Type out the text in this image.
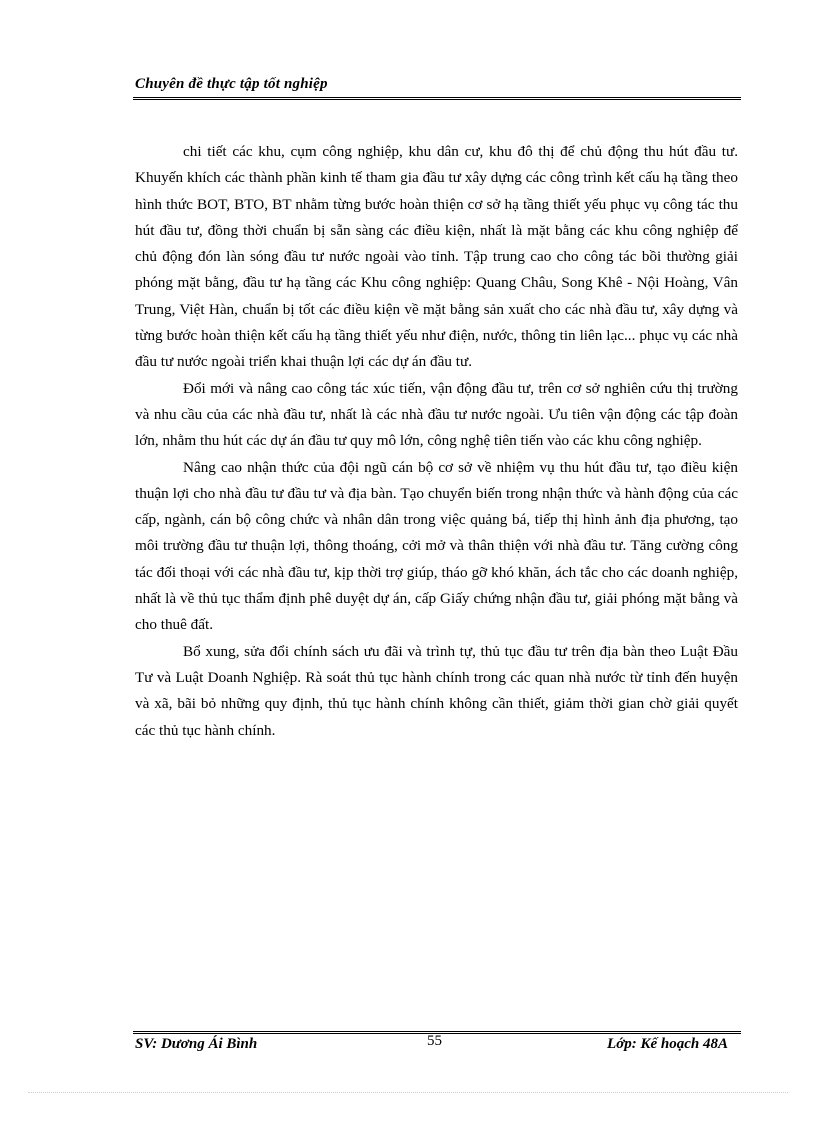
Chuyên đề thực tập tốt nghiệp

chi tiết các khu, cụm công nghiệp, khu dân cư, khu đô thị để chủ động thu hút đầu tư. Khuyến khích các thành phần kinh tế tham gia đầu tư xây dựng các công trình kết cấu hạ tầng theo hình thức BOT, BTO, BT nhằm từng bước hoàn thiện cơ sở hạ tầng thiết yếu phục vụ công tác thu hút đầu tư, đồng thời chuẩn bị sẵn sàng các điều kiện, nhất là mặt bằng các khu công nghiệp để chủ động đón làn sóng đầu tư nước ngoài vào tỉnh. Tập trung cao cho công tác bồi thường giải phóng mặt bằng, đầu tư hạ tầng các Khu công nghiệp: Quang Châu, Song Khê - Nội Hoàng, Vân Trung, Việt Hàn, chuẩn bị tốt các điều kiện về mặt bằng sản xuất cho các nhà đầu tư, xây dựng và từng bước hoàn thiện kết cấu hạ tầng thiết yếu như điện, nước, thông tin liên lạc... phục vụ các nhà đầu tư nước ngoài triển khai thuận lợi các dự án đầu tư.

Đổi mới và nâng cao công tác xúc tiến, vận động đầu tư, trên cơ sở nghiên cứu thị trường và nhu cầu của các nhà đầu tư, nhất là các nhà đầu tư nước ngoài. Ưu tiên vận động các tập đoàn lớn, nhằm thu hút các dự án đầu tư quy mô lớn, công nghệ tiên tiến vào các khu công nghiệp.

Nâng cao nhận thức của đội ngũ cán bộ cơ sở về nhiệm vụ thu hút đầu tư, tạo điều kiện thuận lợi cho nhà đầu tư đầu tư và địa bàn. Tạo chuyển biến trong nhận thức và hành động của các cấp, ngành, cán bộ công chức và nhân dân trong việc quảng bá, tiếp thị hình ảnh địa phương, tạo môi trường đầu tư thuận lợi, thông thoáng, cởi mở và thân thiện với nhà đầu tư. Tăng cường công tác đối thoại với các nhà đầu tư, kịp thời trợ giúp, tháo gỡ khó khăn, ách tắc cho các doanh nghiệp, nhất là về thủ tục thẩm định phê duyệt dự án, cấp Giấy chứng nhận đầu tư, giải phóng mặt bằng và cho thuê đất.

Bổ xung, sửa đổi chính sách ưu đãi và trình tự, thủ tục đầu tư trên địa bàn theo Luật Đầu Tư và Luật Doanh Nghiệp. Rà soát thủ tục hành chính trong các quan nhà nước từ tỉnh đến huyện và xã, bãi bỏ những quy định, thủ tục hành chính không cần thiết, giảm thời gian chờ giải quyết các thủ tục hành chính.

SV: Dương Ái Bình	55	Lớp: Kế hoạch 48A
